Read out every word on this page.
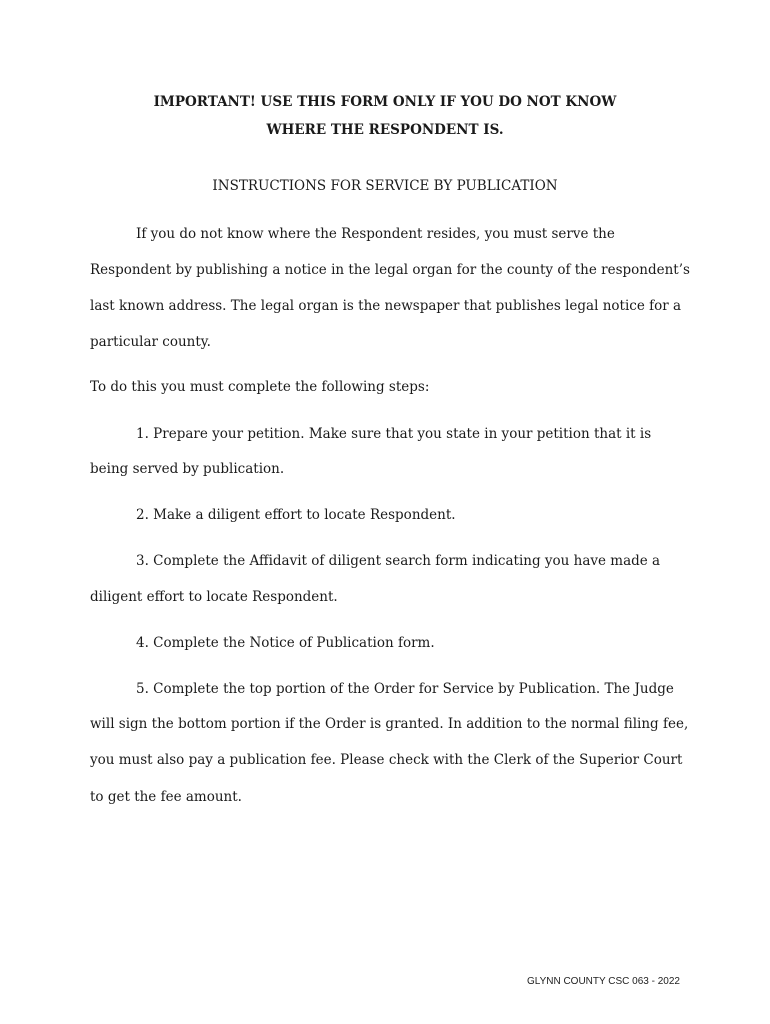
IMPORTANT! USE THIS FORM ONLY IF YOU DO NOT KNOW
WHERE THE RESPONDENT IS.
INSTRUCTIONS FOR SERVICE BY PUBLICATION
If you do not know where the Respondent resides, you must serve the
Respondent by publishing a notice in the legal organ for the county of the respondent’s
last known address. The legal organ is the newspaper that publishes legal notice for a
particular county.
To do this you must complete the following steps:
1. Prepare your petition. Make sure that you state in your petition that it is
being served by publication.
2. Make a diligent effort to locate Respondent.
3. Complete the Affidavit of diligent search form indicating you have made a
diligent effort to locate Respondent.
4. Complete the Notice of Publication form.
5. Complete the top portion of the Order for Service by Publication. The Judge
will sign the bottom portion if the Order is granted. In addition to the normal filing fee,
you must also pay a publication fee. Please check with the Clerk of the Superior Court
to get the fee amount.
GLYNN COUNTY CSC 063 - 2022
